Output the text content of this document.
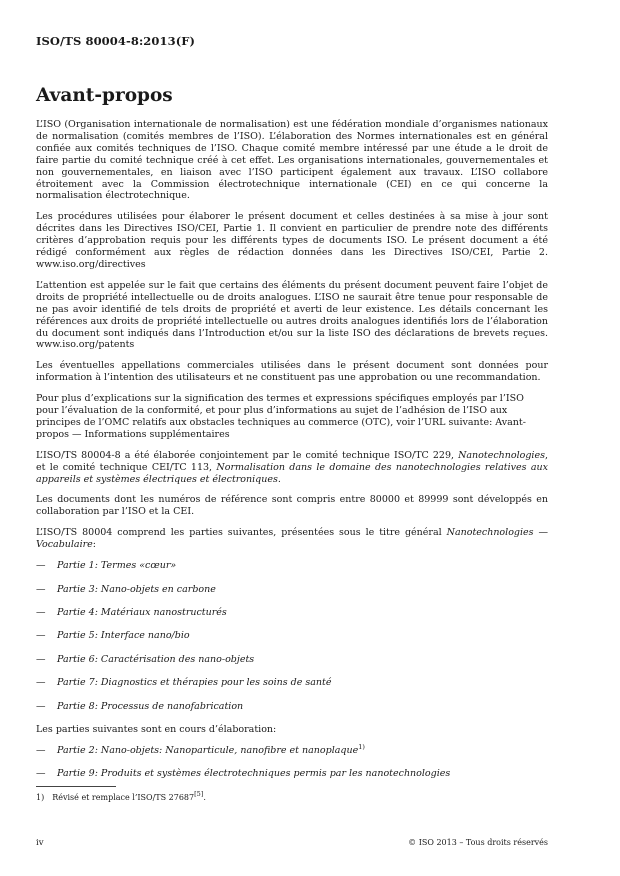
ISO/TS 80004-8:2013(F)
Avant-propos

L’ISO (Organisation internationale de normalisation) est une fédération mondiale d’organismes nationaux de normalisation (comités membres de l’ISO). L’élaboration des Normes internationales est en général confiée aux comités techniques de l’ISO. Chaque comité membre intéressé par une étude a le droit de faire partie du comité technique créé à cet effet. Les organisations internationales, gouvernementales et non gouvernementales, en liaison avec l’ISO participent également aux travaux. L’ISO collabore étroitement avec la Commission électrotechnique internationale (CEI) en ce qui concerne la normalisation électrotechnique.

Les procédures utilisées pour élaborer le présent document et celles destinées à sa mise à jour sont décrites dans les Directives ISO/CEI, Partie 1. Il convient en particulier de prendre note des différents critères d’approbation requis pour les différents types de documents ISO. Le présent document a été rédigé conformément aux règles de rédaction données dans les Directives ISO/CEI, Partie 2. www.iso.org/directives

L’attention est appelée sur le fait que certains des éléments du présent document peuvent faire l’objet de droits de propriété intellectuelle ou de droits analogues. L’ISO ne saurait être tenue pour responsable de ne pas avoir identifié de tels droits de propriété et averti de leur existence. Les détails concernant les références aux droits de propriété intellectuelle ou autres droits analogues identifiés lors de l’élaboration du document sont indiqués dans l’Introduction et/ou sur la liste ISO des déclarations de brevets reçues. www.iso.org/patents

Les éventuelles appellations commerciales utilisées dans le présent document sont données pour information à l’intention des utilisateurs et ne constituent pas une approbation ou une recommandation.

Pour plus d’explications sur la signification des termes et expressions spécifiques employés par l’ISO pour l’évaluation de la conformité, et pour plus d’informations au sujet de l’adhésion de l’ISO aux principes de l’OMC relatifs aux obstacles techniques au commerce (OTC), voir l’URL suivante: Avant-propos — Informations supplémentaires

L’ISO/TS 80004-8 a été élaborée conjointement par le comité technique ISO/TC 229, Nanotechnologies, et le comité technique CEI/TC 113, Normalisation dans le domaine des nanotechnologies relatives aux appareils et systèmes électriques et électroniques.

Les documents dont les numéros de référence sont compris entre 80000 et 89999 sont développés en collaboration par l’ISO et la CEI.

L’ISO/TS 80004 comprend les parties suivantes, présentées sous le titre général Nanotechnologies — Vocabulaire:

— Partie 1: Termes «cœur»
— Partie 3: Nano-objets en carbone
— Partie 4: Matériaux nanostructurés
— Partie 5: Interface nano/bio
— Partie 6: Caractérisation des nano-objets
— Partie 7: Diagnostics et thérapies pour les soins de santé
— Partie 8: Processus de nanofabrication

Les parties suivantes sont en cours d’élaboration:

— Partie 2: Nano-objets: Nanoparticule, nanofibre et nanoplaque$^{1)}$
— Partie 9: Produits et systèmes électrotechniques permis par les nanotechnologies
1) Révisé et remplace l’ISO/TS 27687[5].
iv	© ISO 2013 – Tous droits réservés
